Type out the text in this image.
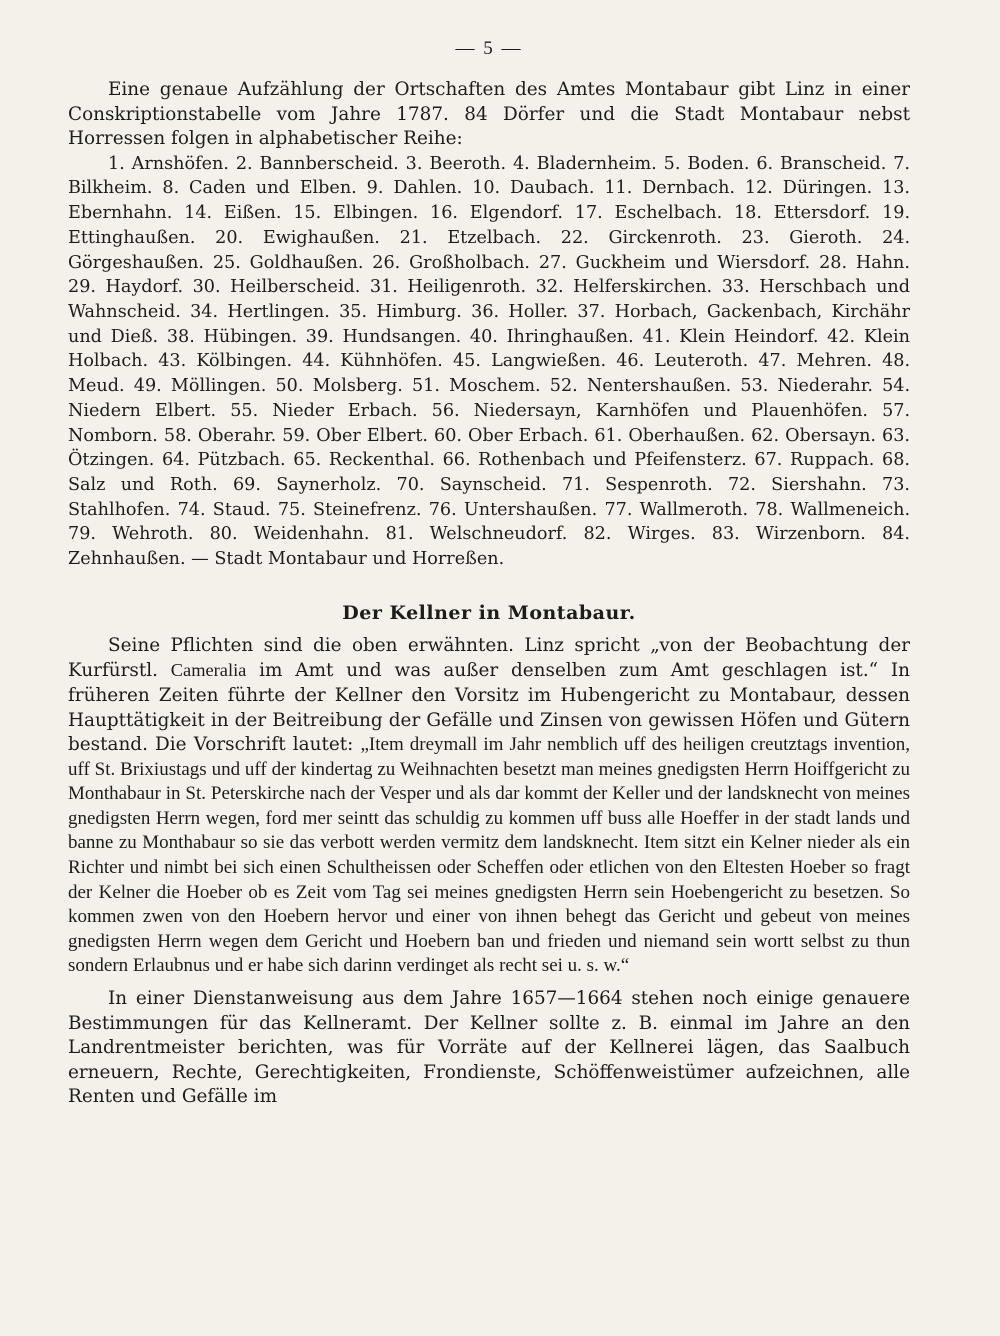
— 5 —

Eine genaue Aufzählung der Ortschaften des Amtes Montabaur gibt Linz in einer Conskriptionstabelle vom Jahre 1787. 84 Dörfer und die Stadt Montabaur nebst Horressen folgen in alphabetischer Reihe:

1. Arnshöfen. 2. Bannberscheid. 3. Beeroth. 4. Bladernheim. 5. Boden. 6. Branscheid. 7. Bilkheim. 8. Caden und Elben. 9. Dahlen. 10. Daubach. 11. Dernbach. 12. Düringen. 13. Ebernhahn. 14. Eißen. 15. Elbingen. 16. Elgendorf. 17. Eschelbach. 18. Ettersdorf. 19. Ettinghaußen. 20. Ewighaußen. 21. Etzelbach. 22. Girckenroth. 23. Gieroth. 24. Görgeshaußen. 25. Goldhaußen. 26. Großholbach. 27. Guckheim und Wiersdorf. 28. Hahn. 29. Haydorf. 30. Heilberscheid. 31. Heiligenroth. 32. Helferskirchen. 33. Herschbach und Wahnscheid. 34. Hertlingen. 35. Himburg. 36. Holler. 37. Horbach, Gackenbach, Kirchähr und Dieß. 38. Hübingen. 39. Hundsangen. 40. Ihringhaußen. 41. Klein Heindorf. 42. Klein Holbach. 43. Kölbingen. 44. Kühnhöfen. 45. Langwießen. 46. Leuteroth. 47. Mehren. 48. Meud. 49. Möllingen. 50. Molsberg. 51. Moschem. 52. Nentershaußen. 53. Niederahr. 54. Niedern Elbert. 55. Nieder Erbach. 56. Niedersayn, Karnhöfen und Plauenhöfen. 57. Nomborn. 58. Oberahr. 59. Ober Elbert. 60. Ober Erbach. 61. Oberhaußen. 62. Obersayn. 63. Ötzingen. 64. Pützbach. 65. Reckenthal. 66. Rothenbach und Pfeifensterz. 67. Ruppach. 68. Salz und Roth. 69. Saynerholz. 70. Saynscheid. 71. Sespenroth. 72. Siershahn. 73. Stahlhofen. 74. Staud. 75. Steinefrenz. 76. Untershaußen. 77. Wallmeroth. 78. Wallmeneich. 79. Wehroth. 80. Weidenhahn. 81. Welschneudorf. 82. Wirges. 83. Wirzenborn. 84. Zehnhaußen. — Stadt Montabaur und Horreßen.

Der Kellner in Montabaur.

Seine Pflichten sind die oben erwähnten. Linz spricht „von der Beobachtung der Kurfürstl. Cameralia im Amt und was außer denselben zum Amt geschlagen ist.“ In früheren Zeiten führte der Kellner den Vorsitz im Hubengericht zu Montabaur, dessen Haupttätigkeit in der Beitreibung der Gefälle und Zinsen von gewissen Höfen und Gütern bestand. Die Vorschrift lautet: „Item dreymall im Jahr nemblich uff des heiligen creutztags invention, uff St. Brixiustags und uff der kindertag zu Weihnachten besetzt man meines gnedigsten Herrn Hoiffgericht zu Monthabaur in St. Peterskirche nach der Vesper und als dar kommt der Keller und der landsknecht von meines gnedigsten Herrn wegen, ford mer seintt das schuldig zu kommen uff buss alle Hoeffer in der stadt lands und banne zu Monthabaur so sie das verbott werden vermitz dem landsknecht. Item sitzt ein Kelner nieder als ein Richter und nimbt bei sich einen Schultheissen oder Scheffen oder etlichen von den Eltesten Hoeber so fragt der Kelner die Hoeber ob es Zeit vom Tag sei meines gnedigsten Herrn sein Hoebengericht zu besetzen. So kommen zwen von den Hoebern hervor und einer von ihnen behegt das Gericht und gebeut von meines gnedigsten Herrn wegen dem Gericht und Hoebern ban und frieden und niemand sein wortt selbst zu thun sondern Erlaubnus und er habe sich darinn verdinget als recht sei u. s. w.“

In einer Dienstanweisung aus dem Jahre 1657—1664 stehen noch einige genauere Bestimmungen für das Kellneramt. Der Kellner sollte z. B. einmal im Jahre an den Landrentmeister berichten, was für Vorräte auf der Kellnerei lägen, das Saalbuch erneuern, Rechte, Gerechtigkeiten, Frondienste, Schöffenweistümer aufzeichnen, alle Renten und Gefälle im
